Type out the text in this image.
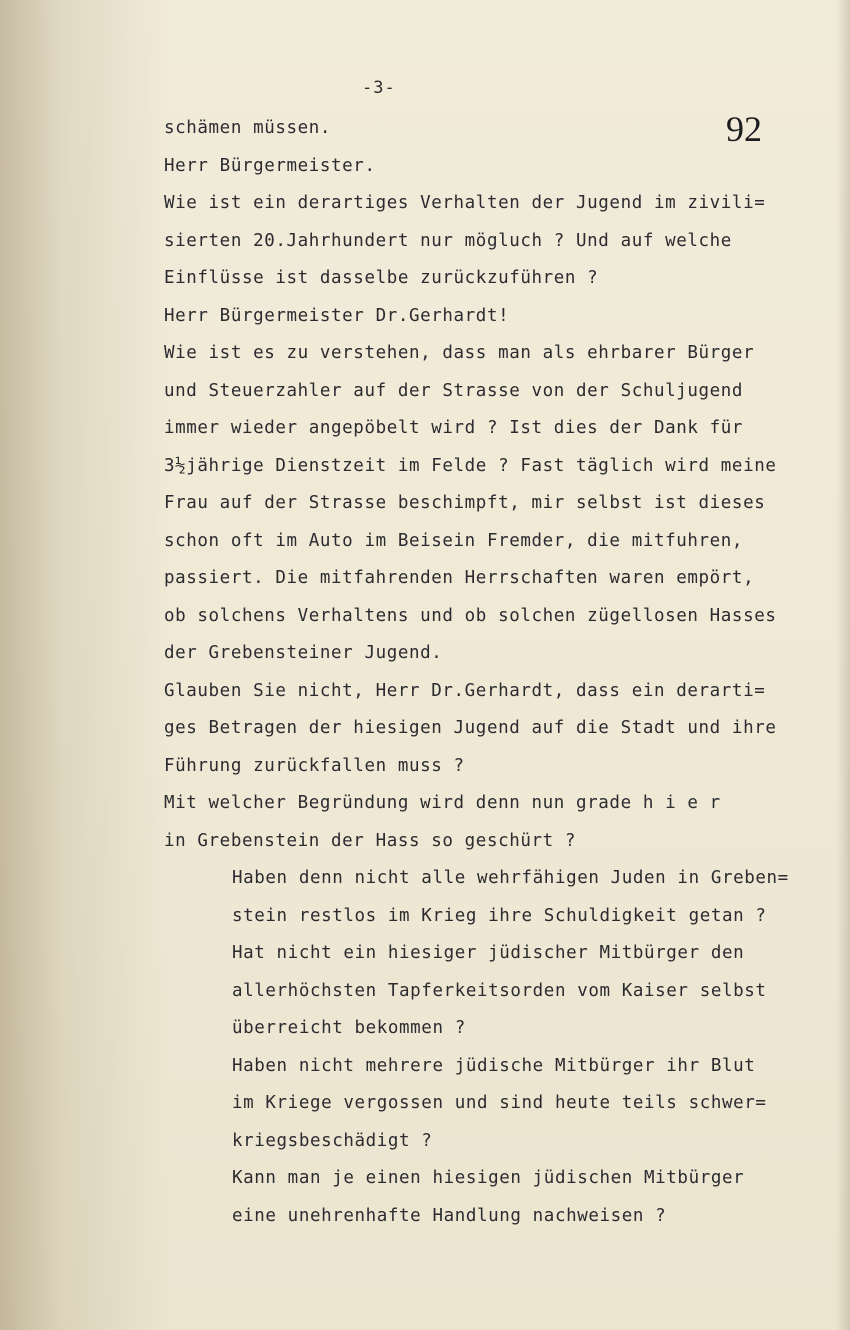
-3-
92
schämen müssen.
Herr Bürgermeister.
Wie ist ein derartiges Verhalten der Jugend im zivili=
sierten 20.Jahrhundert nur mögluch ? Und auf welche
Einflüsse ist dasselbe zurückzuführen ?
Herr Bürgermeister Dr.Gerhardt!
Wie ist es zu verstehen, dass man als ehrbarer Bürger
und Steuerzahler auf der Strasse von der Schuljugend
immer wieder angepöbelt wird ? Ist dies der Dank für
3½jährige Dienstzeit im Felde ? Fast täglich wird meine
Frau auf der Strasse beschimpft, mir selbst ist dieses
schon oft im Auto im Beisein Fremder, die mitfuhren,
passiert. Die mitfahrenden Herrschaften waren empört,
ob solchens Verhaltens und ob solchen zügellosen Hasses
der Grebensteiner Jugend.
Glauben Sie nicht, Herr Dr.Gerhardt, dass ein derarti=
ges Betragen der hiesigen Jugend auf die Stadt und ihre
Führung zurückfallen muss ?
Mit welcher Begründung wird denn nun grade h i e r
in Grebenstein der Hass so geschürt ?
Haben denn nicht alle wehrfähigen Juden in Greben=
stein restlos im Krieg ihre Schuldigkeit getan ?
Hat nicht ein hiesiger jüdischer Mitbürger den
allerhöchsten Tapferkeitsorden vom Kaiser selbst
überreicht bekommen ?
Haben nicht mehrere jüdische Mitbürger ihr Blut
im Kriege vergossen und sind heute teils schwer=
kriegsbeschädigt ?
Kann man je einen hiesigen jüdischen Mitbürger
eine unehrenhafte Handlung nachweisen ?
